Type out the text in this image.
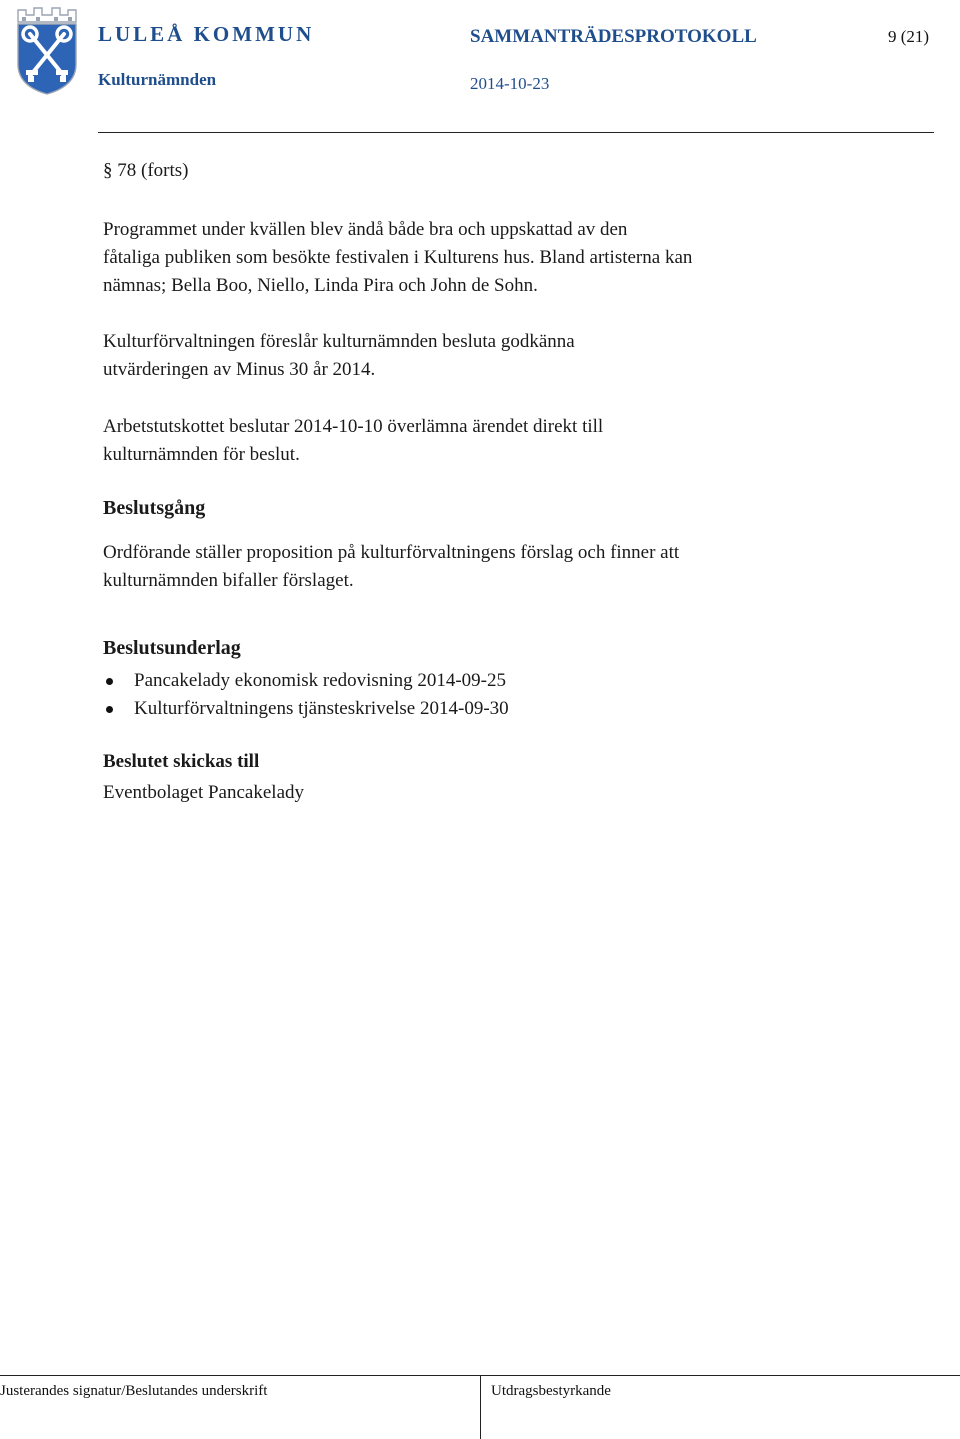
LULEÅ KOMMUN
Kulturnämnden
SAMMANTRÄDESPROTOKOLL	9 (21)
2014-10-23
§ 78 (forts)

Programmet under kvällen blev ändå både bra och uppskattad av den
fåtaliga publiken som besökte festivalen i Kulturens hus. Bland artisterna kan
nämnas; Bella Boo, Niello, Linda Pira och John de Sohn.

Kulturförvaltningen föreslår kulturnämnden besluta godkänna
utvärderingen av Minus 30 år 2014.

Arbetstutskottet beslutar 2014-10-10 överlämna ärendet direkt till
kulturnämnden för beslut.

Beslutsgång

Ordförande ställer proposition på kulturförvaltningens förslag och finner att
kulturnämnden bifaller förslaget.

Beslutsunderlag
Pancakelady ekonomisk redovisning 2014-09-25
Kulturförvaltningens tjänsteskrivelse 2014-09-30
Beslutet skickas till
Eventbolaget Pancakelady
Justerandes signatur/Beslutandes underskrift	Utdragsbestyrkande
